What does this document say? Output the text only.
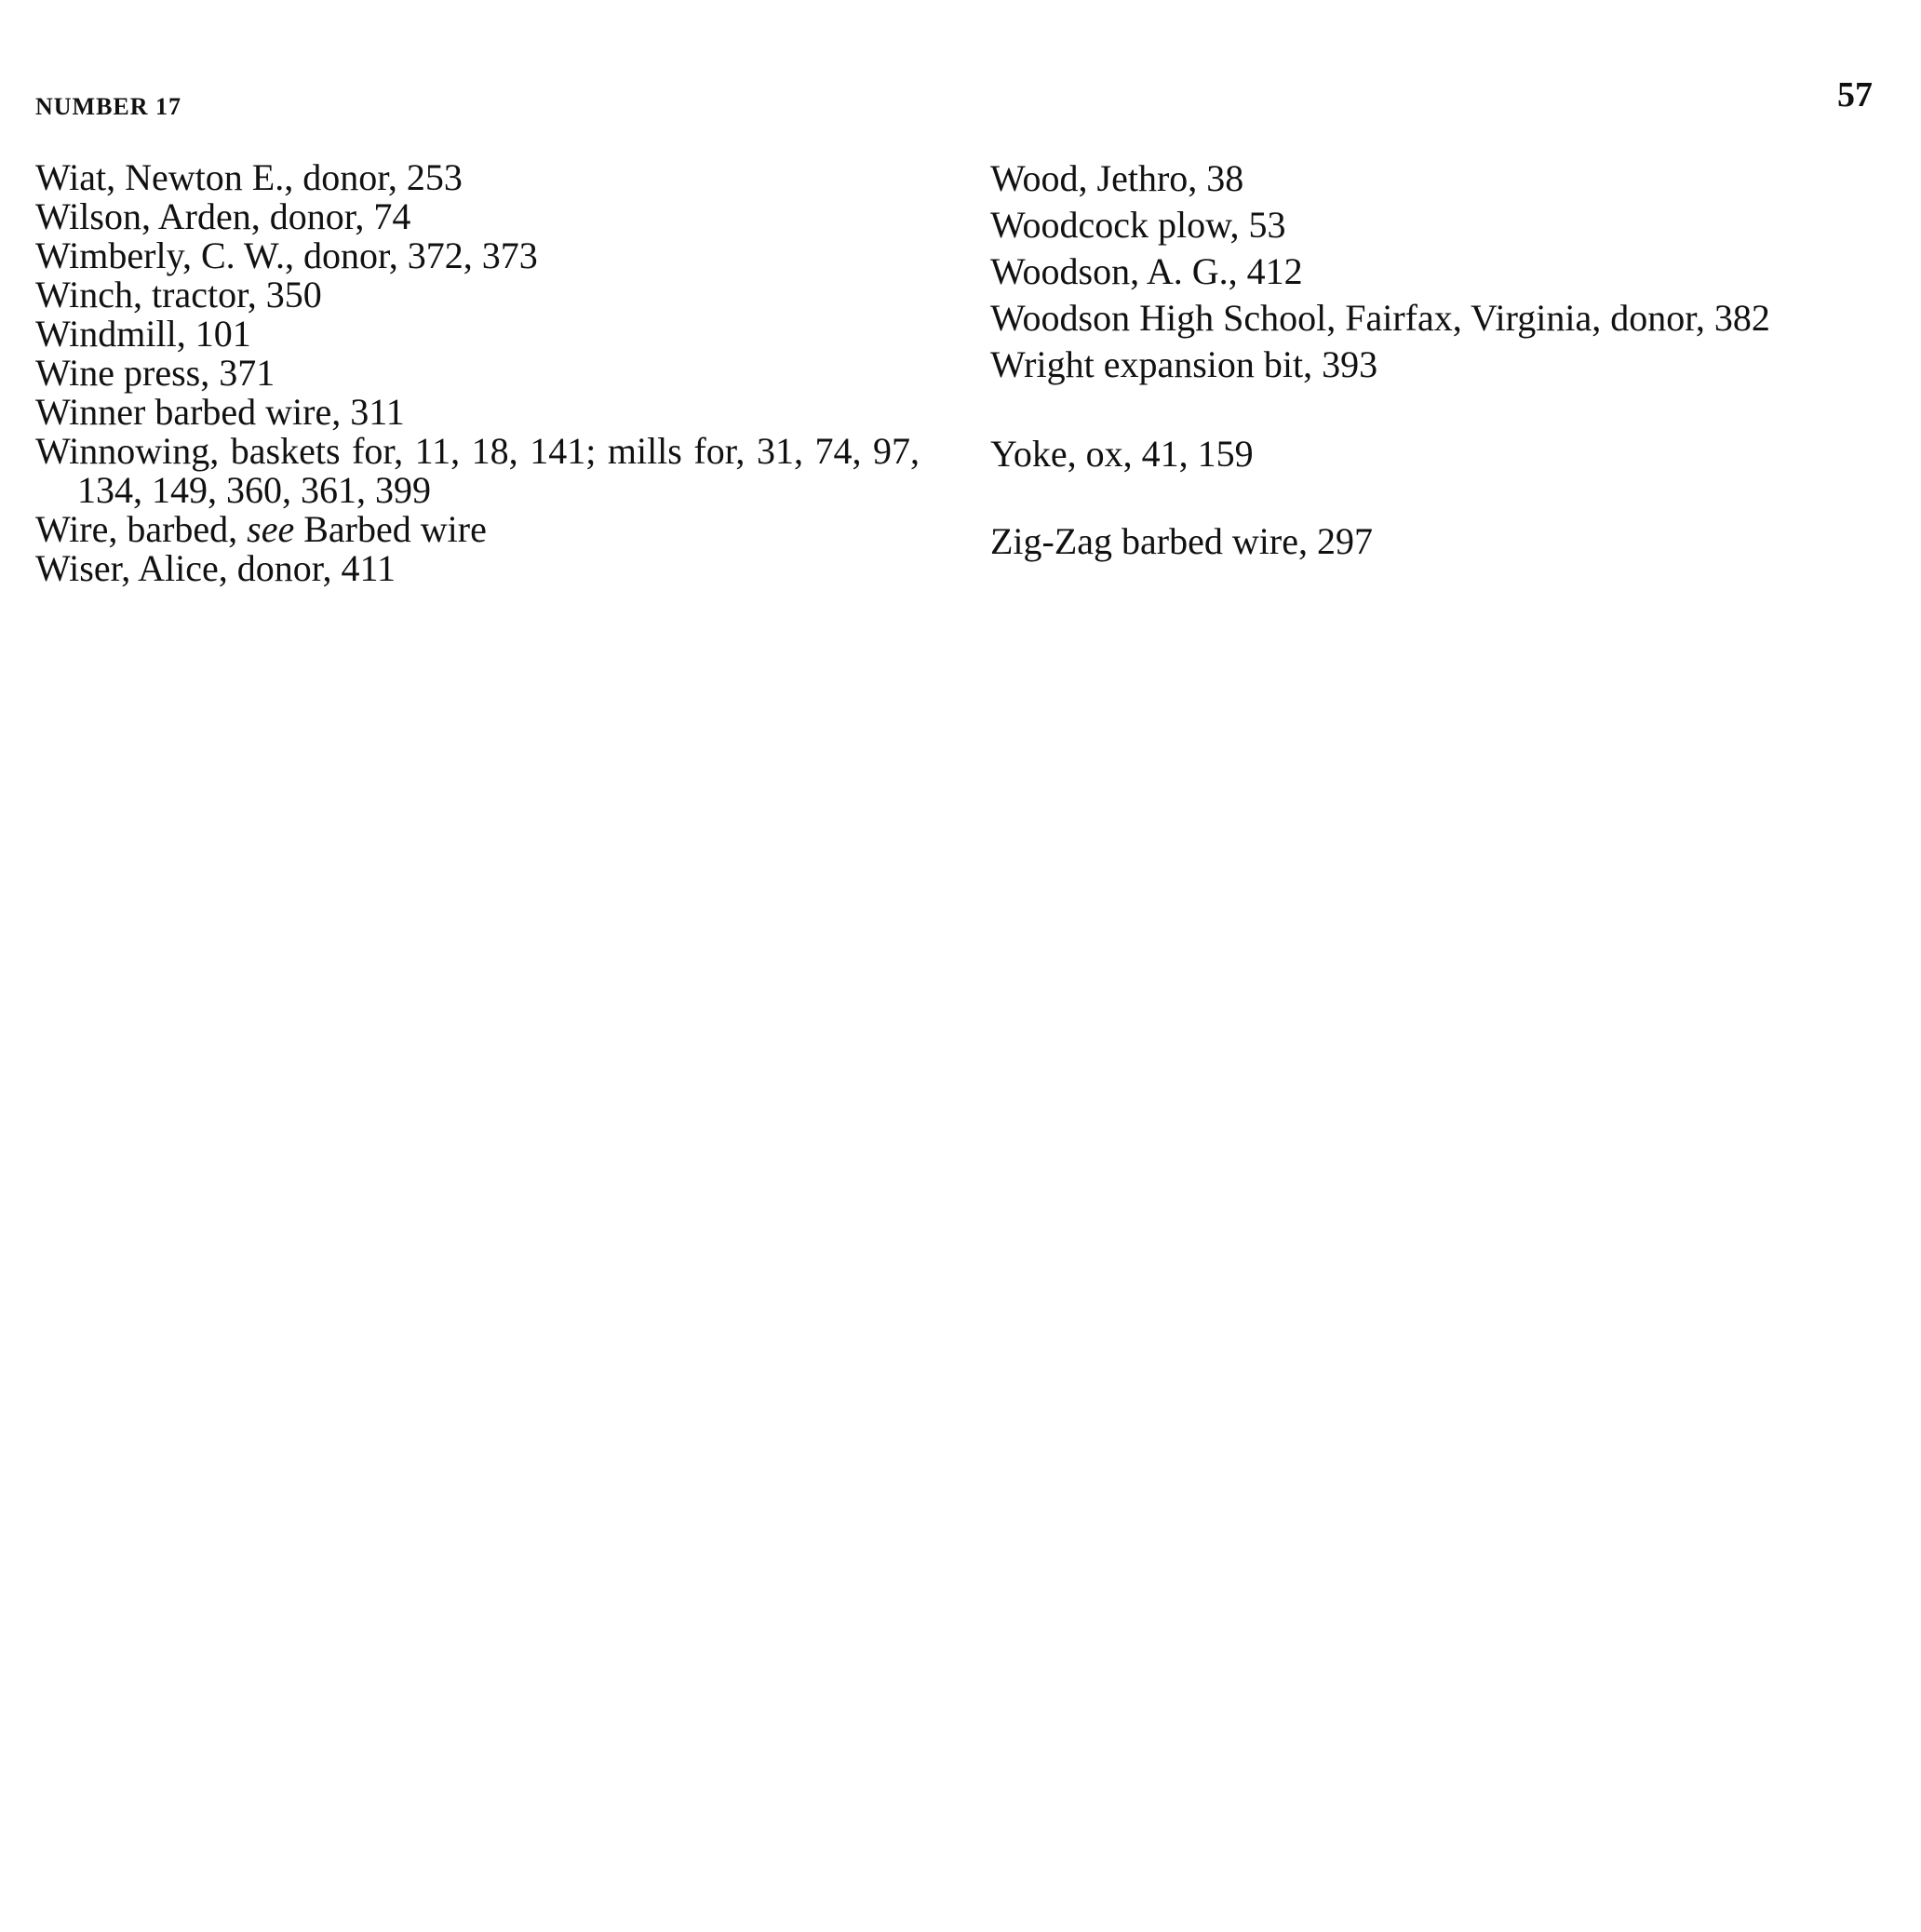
NUMBER 17	57

Wiat, Newton E., donor, 253

Wilson, Arden, donor, 74

Wimberly, C. W., donor, 372, 373

Winch, tractor, 350

Windmill, 101

Wine press, 371

Winner barbed wire, 311

Winnowing, baskets for, 11, 18, 141; mills for, 31, 74, 97, 134, 149, 360, 361, 399

Wire, barbed, see Barbed wire

Wiser, Alice, donor, 411

Wood, Jethro, 38

Woodcock plow, 53

Woodson, A. G., 412

Woodson High School, Fairfax, Virginia, donor, 382

Wright expansion bit, 393

Yoke, ox, 41, 159

Zig-Zag barbed wire, 297
